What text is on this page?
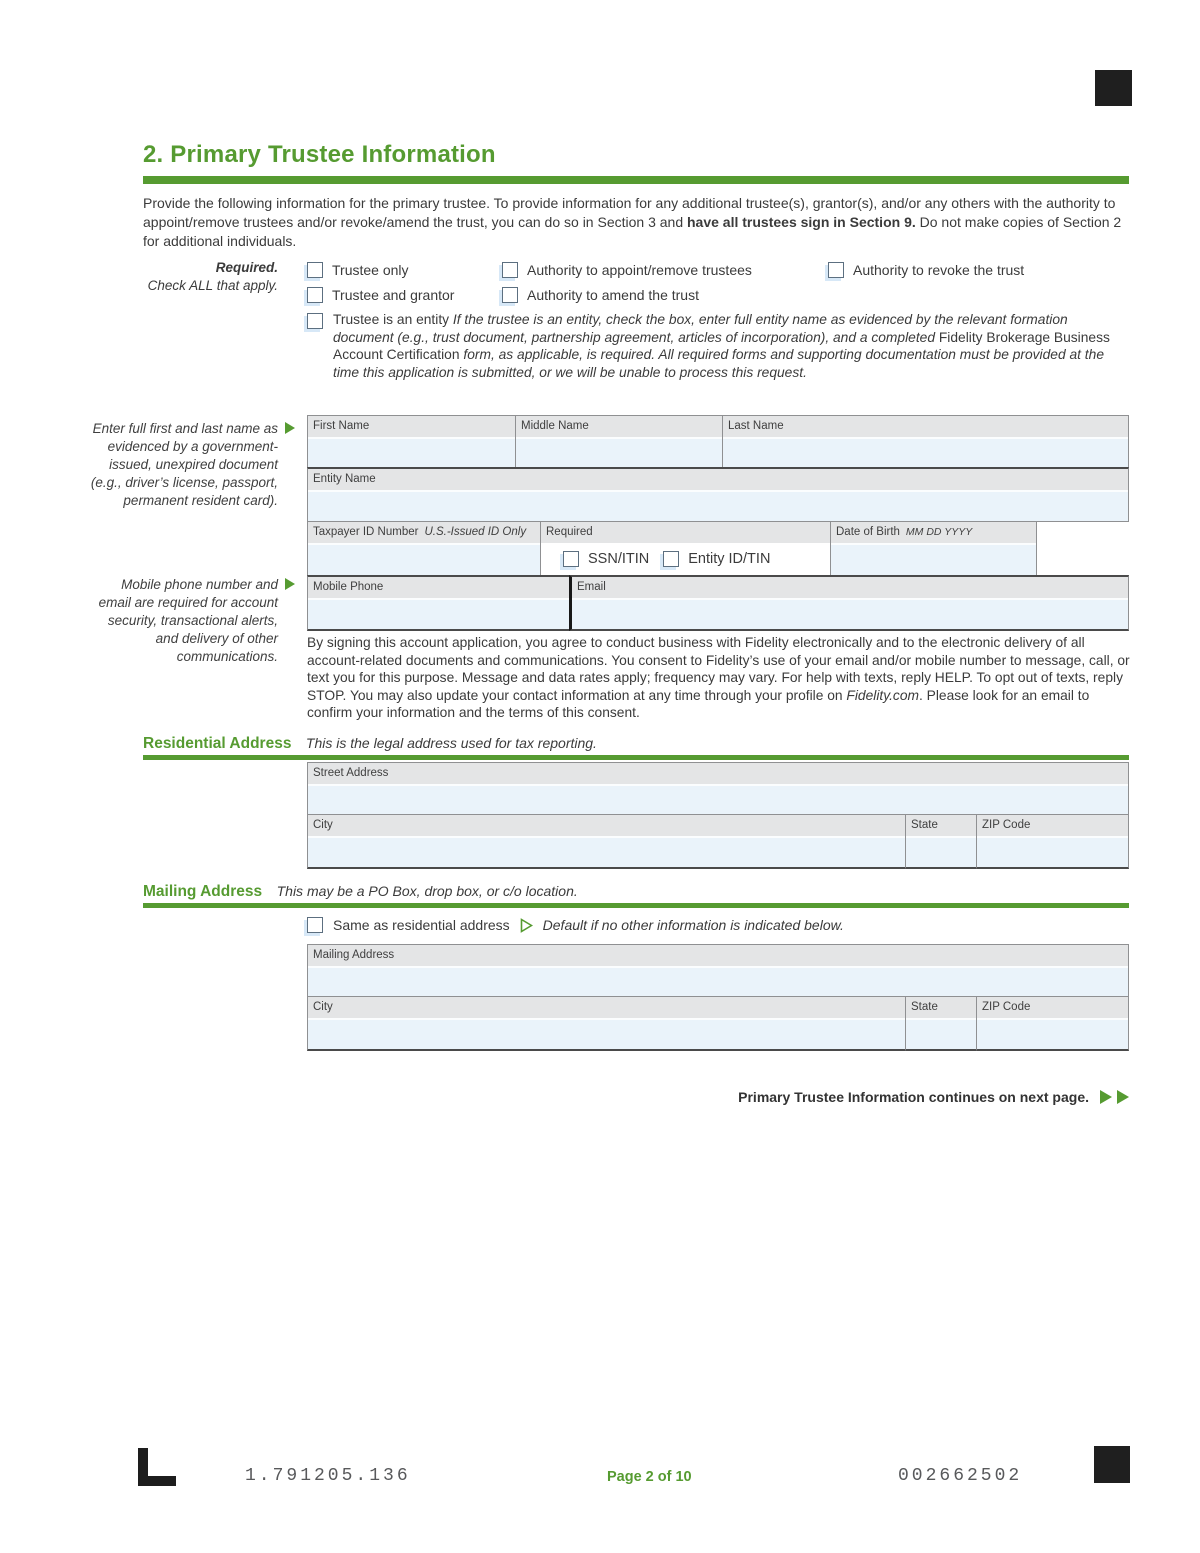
2. Primary Trustee Information
Provide the following information for the primary trustee. To provide information for any additional trustee(s), grantor(s), and/or any others with the authority to appoint/remove trustees and/or revoke/amend the trust, you can do so in Section 3 and have all trustees sign in Section 9. Do not make copies of Section 2 for additional individuals.
Required.
Check ALL that apply.
Trustee only	Authority to appoint/remove trustees	Authority to revoke the trust
Trustee and grantor	Authority to amend the trust
Trustee is an entity If the trustee is an entity, check the box, enter full entity name as evidenced by the relevant formation document (e.g., trust document, partnership agreement, articles of incorporation), and a completed Fidelity Brokerage Business Account Certification form, as applicable, is required. All required forms and supporting documentation must be provided at the time this application is submitted, or we will be unable to process this request.
Enter full first and last name as evidenced by a government-issued, unexpired document (e.g., driver’s license, passport, permanent resident card).
First Name	Middle Name	Last Name
Entity Name
Taxpayer ID Number U.S.-Issued ID Only	Required
SSN/ITIN	Entity ID/TIN
Date of Birth MM DD YYYY
Mobile Phone	Email
Mobile phone number and email are required for account security, transactional alerts, and delivery of other communications.
By signing this account application, you agree to conduct business with Fidelity electronically and to the electronic delivery of all account-related documents and communications. You consent to Fidelity’s use of your email and/or mobile number to message, call, or text you for this purpose. Message and data rates apply; frequency may vary. For help with texts, reply HELP. To opt out of texts, reply STOP. You may also update your contact information at any time through your profile on Fidelity.com. Please look for an email to confirm your information and the terms of this consent.
Residential Address This is the legal address used for tax reporting.
Street Address
City	State	ZIP Code
Mailing Address This may be a PO Box, drop box, or c/o location.
Same as residential address Default if no other information is indicated below.
Mailing Address
City	State	ZIP Code
Primary Trustee Information continues on next page.
1.791205.136	Page 2 of 10	002662502
